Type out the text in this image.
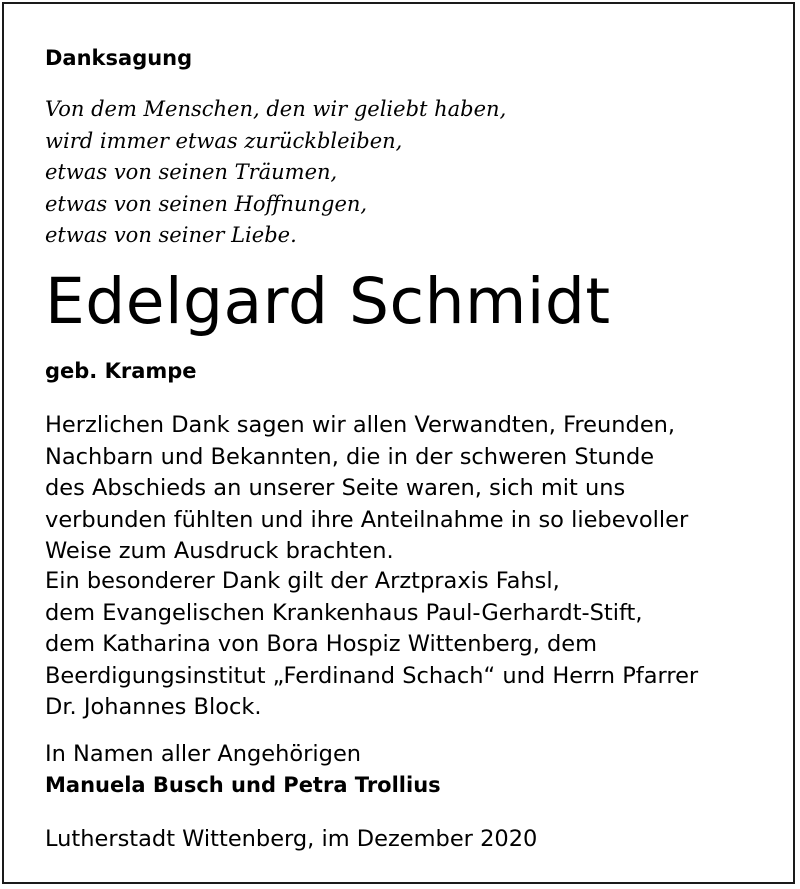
Danksagung
Von dem Menschen, den wir geliebt haben,
wird immer etwas zurückbleiben,
etwas von seinen Träumen,
etwas von seinen Hoffnungen,
etwas von seiner Liebe.
Edelgard Schmidt
geb. Krampe
Herzlichen Dank sagen wir allen Verwandten, Freunden,
Nachbarn und Bekannten, die in der schweren Stunde
des Abschieds an unserer Seite waren, sich mit uns
verbunden fühlten und ihre Anteilnahme in so liebevoller
Weise zum Ausdruck brachten.
Ein besonderer Dank gilt der Arztpraxis Fahsl,
dem Evangelischen Krankenhaus Paul-Gerhardt-Stift,
dem Katharina von Bora Hospiz Wittenberg, dem
Beerdigungsinstitut „Ferdinand Schach“ und Herrn Pfarrer
Dr. Johannes Block.
In Namen aller Angehörigen
Manuela Busch und Petra Trollius
Lutherstadt Wittenberg, im Dezember 2020
